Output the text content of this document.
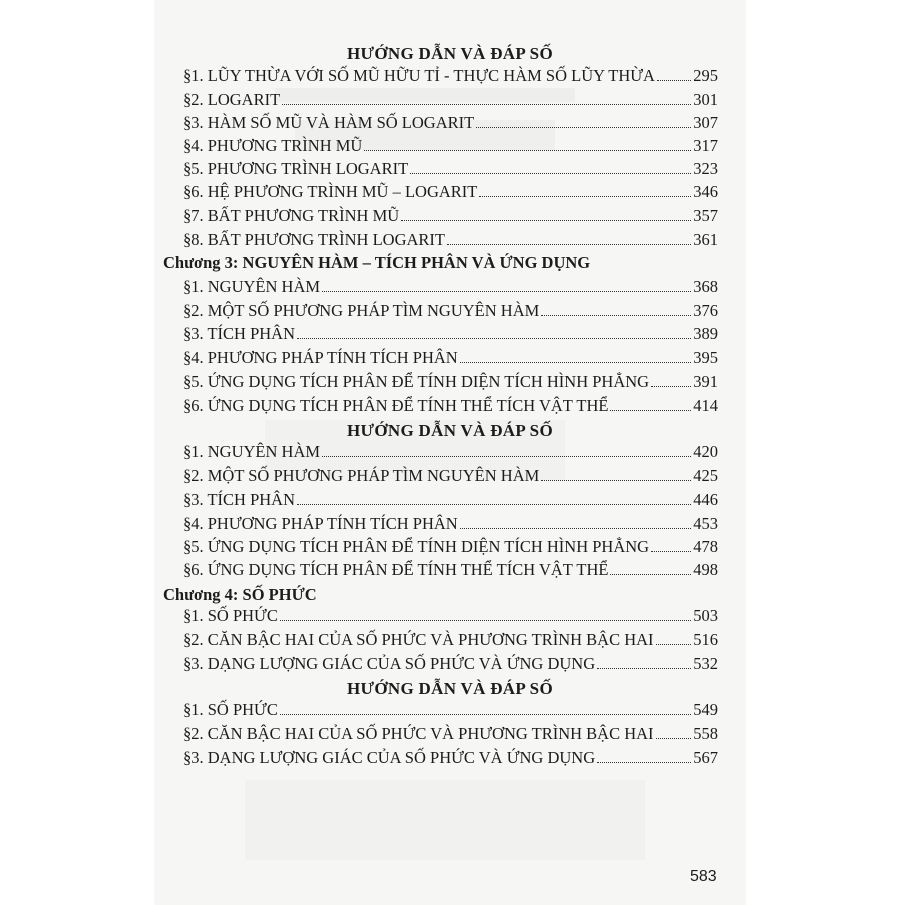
HƯỚNG DẪN VÀ ĐÁP SỐ
§1. LŨY THỪA VỚI SỐ MŨ HỮU TỈ - THỰC HÀM SỐ LŨY THỪA 295
§2. LOGARIT	301
§3. HÀM SỐ MŨ VÀ HÀM SỐ LOGARIT	307
§4. PHƯƠNG TRÌNH MŨ	317
§5. PHƯƠNG TRÌNH LOGARIT	323
§6. HỆ PHƯƠNG TRÌNH MŨ – LOGARIT	346
§7. BẤT PHƯƠNG TRÌNH MŨ	357
§8. BẤT PHƯƠNG TRÌNH LOGARIT	361
Chương 3: NGUYÊN HÀM – TÍCH PHÂN VÀ ỨNG DỤNG
§1. NGUYÊN HÀM	368
§2. MỘT SỐ PHƯƠNG PHÁP TÌM NGUYÊN HÀM	376
§3. TÍCH PHÂN	389
§4. PHƯƠNG PHÁP TÍNH TÍCH PHÂN	395
§5. ỨNG DỤNG TÍCH PHÂN ĐỂ TÍNH DIỆN TÍCH HÌNH PHẲNG	391
§6. ỨNG DỤNG TÍCH PHÂN ĐỂ TÍNH THỂ TÍCH VẬT THỂ	414
HƯỚNG DẪN VÀ ĐÁP SỐ
§1. NGUYÊN HÀM	420
§2. MỘT SỐ PHƯƠNG PHÁP TÌM NGUYÊN HÀM	425
§3. TÍCH PHÂN	446
§4. PHƯƠNG PHÁP TÍNH TÍCH PHÂN	453
§5. ỨNG DỤNG TÍCH PHÂN ĐỂ TÍNH DIỆN TÍCH HÌNH PHẲNG	478
§6. ỨNG DỤNG TÍCH PHÂN ĐỂ TÍNH THỂ TÍCH VẬT THỂ	498
Chương 4: SỐ PHỨC
§1. SỐ PHỨC	503
§2. CĂN BẬC HAI CỦA SỐ PHỨC VÀ PHƯƠNG TRÌNH BẬC HAI 516
§3. DẠNG LƯỢNG GIÁC CỦA SỐ PHỨC VÀ ỨNG DỤNG	532
HƯỚNG DẪN VÀ ĐÁP SỐ
§1. SỐ PHỨC	549
§2. CĂN BẬC HAI CỦA SỐ PHỨC VÀ PHƯƠNG TRÌNH BẬC HAI 558
§3. DẠNG LƯỢNG GIÁC CỦA SỐ PHỨC VÀ ỨNG DỤNG	567
583
